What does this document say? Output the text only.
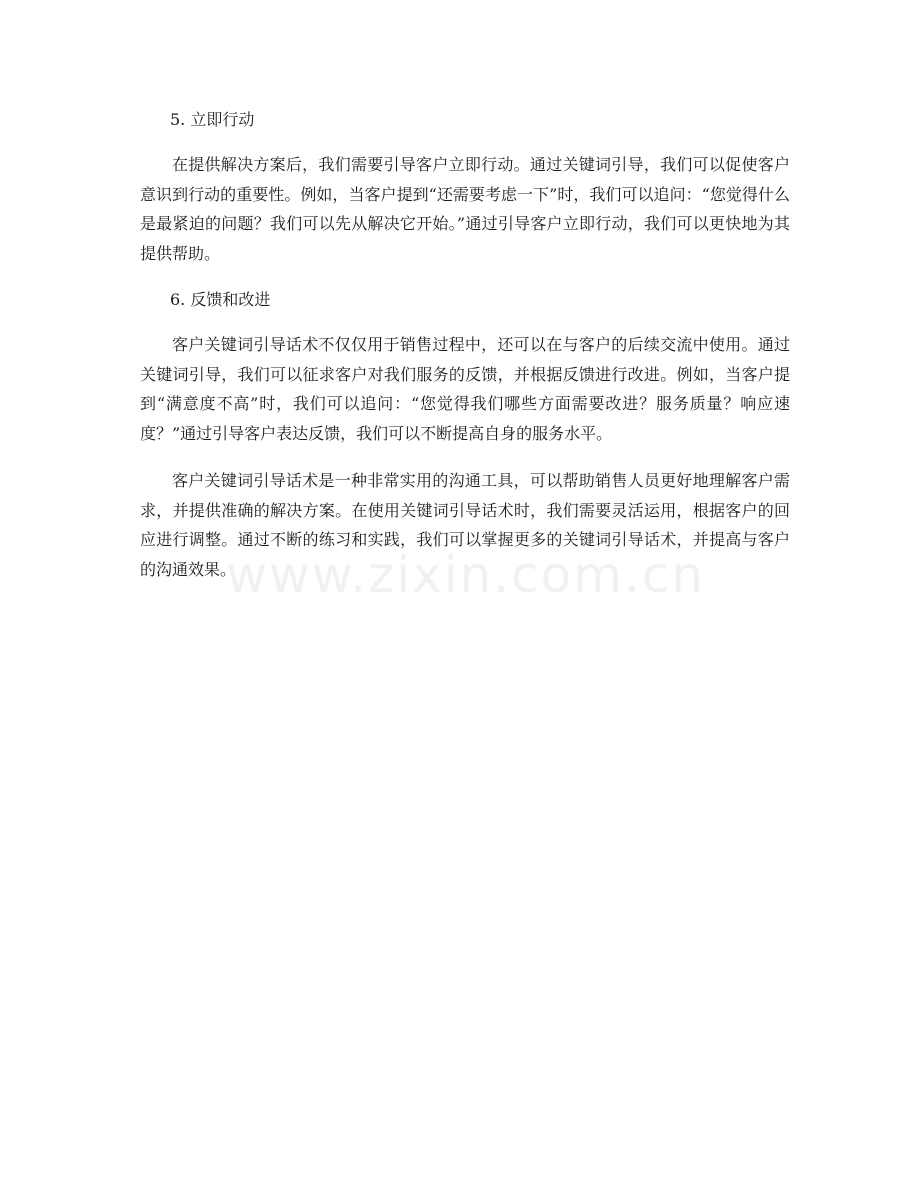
5. 立即行动

在提供解决方案后，我们需要引导客户立即行动。通过关键词引导，我们可以促使客户意识到行动的重要性。例如，当客户提到“还需要考虑一下”时，我们可以追问：“您觉得什么是最紧迫的问题？我们可以先从解决它开始。”通过引导客户立即行动，我们可以更快地为其提供帮助。

6. 反馈和改进

客户关键词引导话术不仅仅用于销售过程中，还可以在与客户的后续交流中使用。通过关键词引导，我们可以征求客户对我们服务的反馈，并根据反馈进行改进。例如，当客户提到“满意度不高”时，我们可以追问：“您觉得我们哪些方面需要改进？服务质量？响应速度？”通过引导客户表达反馈，我们可以不断提高自身的服务水平。

客户关键词引导话术是一种非常实用的沟通工具，可以帮助销售人员更好地理解客户需求，并提供准确的解决方案。在使用关键词引导话术时，我们需要灵活运用，根据客户的回应进行调整。通过不断的练习和实践，我们可以掌握更多的关键词引导话术，并提高与客户的沟通效果。

www.zixin.com.cn
